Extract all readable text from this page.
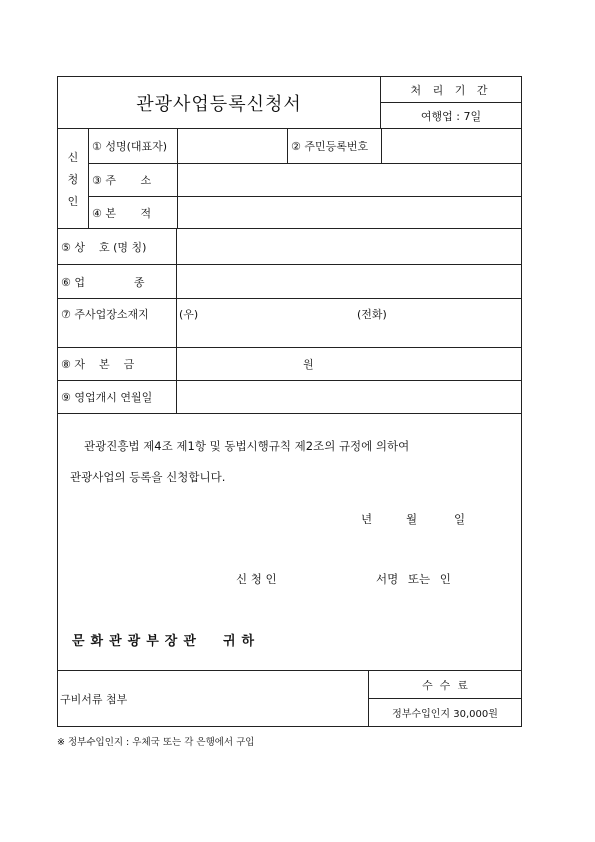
관광사업등록신청서
처 리 기 간
여행업 : 7일
신
청
인
① 성명(대표자)	② 주민등록번호
③ 주       소
④ 본       적
⑤ 상    호 (명 칭)
⑥ 업              종
⑦ 주사업장소재지	(우)	(전화)
⑧ 자    본    금	원
⑨ 영업개시 연월일
관광진흥법 제4조 제1항 및 동법시행규칙 제2조의 규정에 의하여
관광사업의 등록을 신청합니다.
년	월	일
신 청 인	서명 또는 인
문화관광부장관  귀하
구비서류 첨부
수  수  료
정부수입인지 30,000원
※ 정부수입인지 : 우체국 또는 각 은행에서 구입
